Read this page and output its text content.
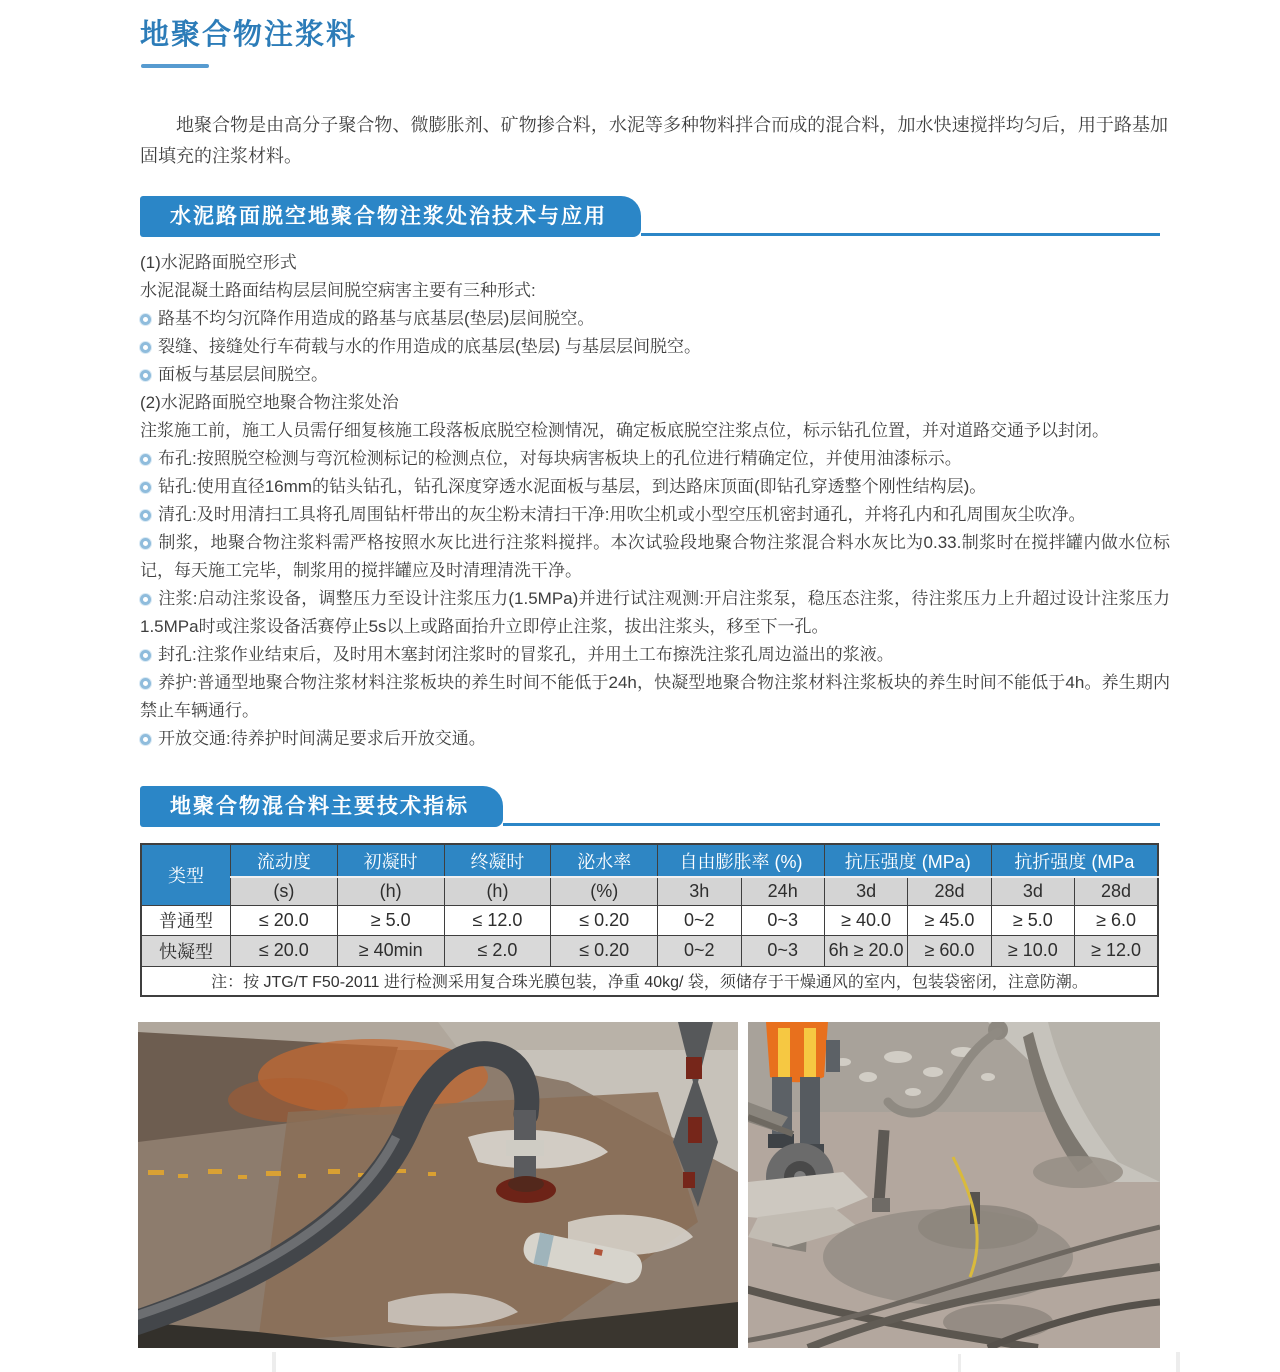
地聚合物注浆料
地聚合物是由高分子聚合物、微膨胀剂、矿物掺合料，水泥等多种物料拌合而成的混合料，加水快速搅拌均匀后，用于路基加固填充的注浆材料。
水泥路面脱空地聚合物注浆处治技术与应用

(1)水泥路面脱空形式

水泥混凝土路面结构层层间脱空病害主要有三种形式:

路基不均匀沉降作用造成的路基与底基层(垫层)层间脱空。

裂缝、接缝处行车荷载与水的作用造成的底基层(垫层) 与基层层间脱空。

面板与基层层间脱空。

(2)水泥路面脱空地聚合物注浆处治

注浆施工前，施工人员需仔细复核施工段落板底脱空检测情况，确定板底脱空注浆点位，标示钻孔位置，并对道路交通予以封闭。

布孔:按照脱空检测与弯沉检测标记的检测点位，对每块病害板块上的孔位进行精确定位，并使用油漆标示。

钻孔:使用直径16mm的钻头钻孔，钻孔深度穿透水泥面板与基层，到达路床顶面(即钻孔穿透整个刚性结构层)。

清孔:及时用清扫工具将孔周围钻杆带出的灰尘粉末清扫干净:用吹尘机或小型空压机密封通孔，并将孔内和孔周围灰尘吹净。

制浆，地聚合物注浆料需严格按照水灰比进行注浆料搅拌。本次试验段地聚合物注浆混合料水灰比为0.33.制浆时在搅拌罐内做水位标记，每天施工完毕，制浆用的搅拌罐应及时清理清洗干净。

注浆:启动注浆设备，调整压力至设计注浆压力(1.5MPa)并进行试注观测:开启注浆泵，稳压态注浆，待注浆压力上升超过设计注浆压力1.5MPa时或注浆设备活赛停止5s以上或路面抬升立即停止注浆，拔出注浆头，移至下一孔。

封孔:注浆作业结束后，及时用木塞封闭注浆时的冒浆孔，并用土工布擦洗注浆孔周边溢出的浆液。

养护:普通型地聚合物注浆材料注浆板块的养生时间不能低于24h，快凝型地聚合物注浆材料注浆板块的养生时间不能低于4h。养生期内禁止车辆通行。

开放交通:待养护时间满足要求后开放交通。

地聚合物混合料主要技术指标
类型	流动度	初凝时	终凝时	泌水率	自由膨胀率 (%)		抗压强度 (MPa)		抗折强度 (MPa	
	(s)	(h)	(h)	(%)	3h	24h	3d	28d	3d	28d
普通型	≤ 20.0	≥ 5.0	≤ 12.0	≤ 0.20	0~2	0~3	≥ 40.0	≥ 45.0	≥ 5.0	≥ 6.0
快凝型	≤ 20.0	≥ 40min	≤ 2.0	≤ 0.20	0~2	0~3	6h ≥ 20.0	≥ 60.0	≥ 10.0	≥ 12.0
注：按 JTG/T F50-2011 进行检测采用复合珠光膜包装，净重 40kg/ 袋，须储存于干燥通风的室内，包装袋密闭，注意防潮。										
